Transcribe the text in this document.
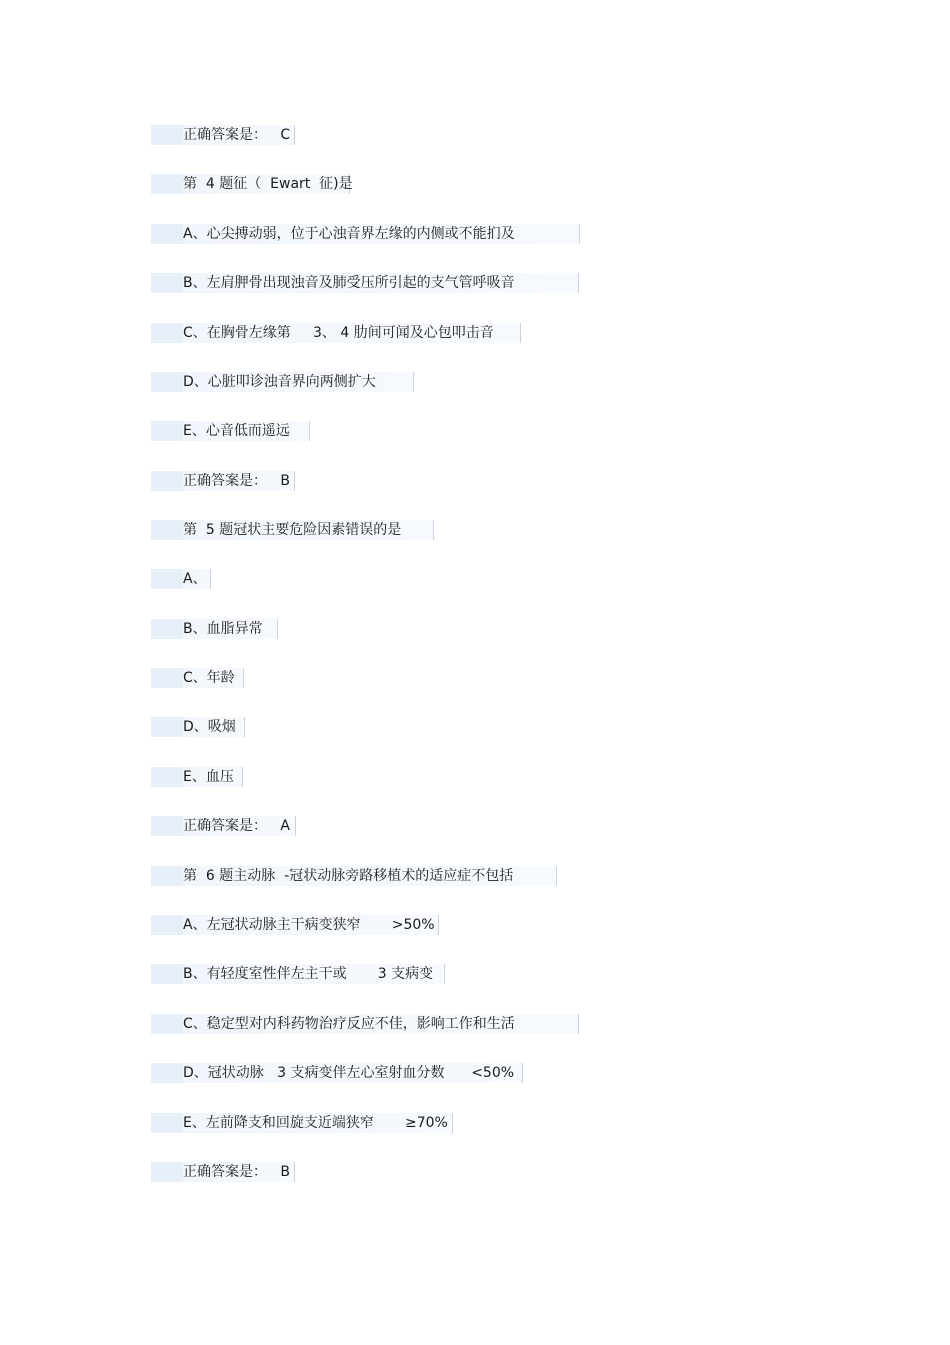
正确答案是：   C
第  4 题征（  Ewart  征)是
A、心尖搏动弱，位于心浊音界左缘的内侧或不能扪及
B、左肩胛骨出现浊音及肺受压所引起的支气管呼吸音
C、在胸骨左缘第     3、 4 肋间可闻及心包叩击音
D、心脏叩诊浊音界向两侧扩大
E、心音低而遥远
正确答案是：   B
第  5 题冠状主要危险因素错误的是
A、
B、血脂异常
C、年龄
D、吸烟
E、血压
正确答案是：   A
第  6 题主动脉  -冠状动脉旁路移植术的适应症不包括
A、左冠状动脉主干病变狭窄       >50%
B、有轻度室性伴左主干或       3 支病变
C、稳定型对内科药物治疗反应不佳，影响工作和生活
D、冠状动脉   3 支病变伴左心室射血分数      <50%
E、左前降支和回旋支近端狭窄       ≥70%
正确答案是：   B
